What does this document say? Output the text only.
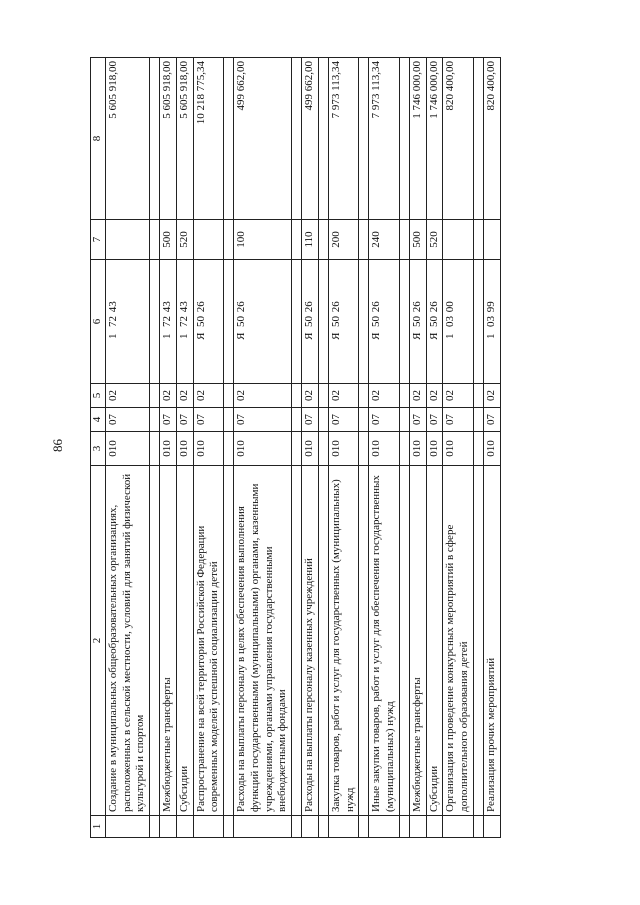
86
1	2	3	4	5	6	7	8
	Создание в муниципальных общеобразовательных организациях, расположенных в сельской местности, условий для занятий физической культурой и спортом	010	07	02	1 72 43		5 605 918,00

	Межбюджетные трансферты	010	07	02	1 72 43	500	5 605 918,00
	Субсидии	010	07	02	1 72 43	520	5 605 918,00
	Распространение на всей территории Российской Федерации современных моделей успешной социализации детей	010	07	02	Я 50 26		10 218 775,34

	Расходы на выплаты персоналу в целях обеспечения выполнения функций государственными (муниципальными) органами, казенными учреждениями, органами управления государственными внебюджетными фондами	010	07	02	Я 50 26	100	499 662,00

	Расходы на выплаты персоналу казенных учреждений	010	07	02	Я 50 26	110	499 662,00

	Закупка товаров, работ и услуг для государственных (муниципальных) нужд	010	07	02	Я 50 26	200	7 973 113,34

	Иные закупки товаров, работ и услуг для обеспечения государственных (муниципальных) нужд	010	07	02	Я 50 26	240	7 973 113,34

	Межбюджетные трансферты	010	07	02	Я 50 26	500	1 746 000,00
	Субсидии	010	07	02	Я 50 26	520	1 746 000,00
	Организация и проведение конкурсных мероприятий в сфере дополнительного образования детей	010	07	02	1 03 00		820 400,00

	Реализация прочих мероприятий	010	07	02	1 03 99		820 400,00
